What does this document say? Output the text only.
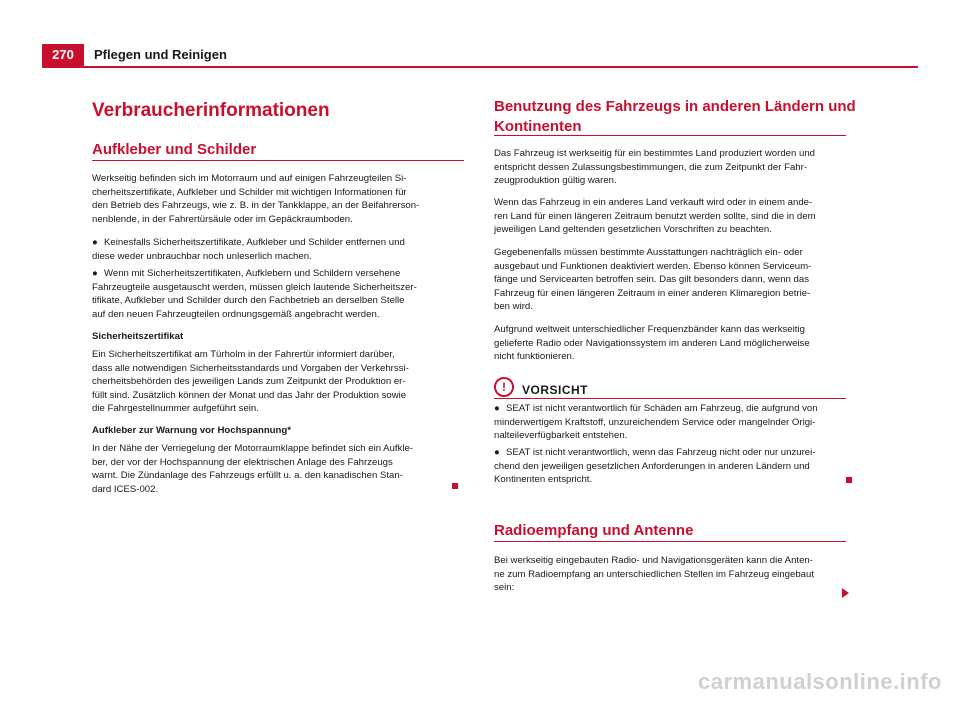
270	Pflegen und Reinigen
Verbraucherinformationen
Aufkleber und Schilder

Werkseitig befinden sich im Motorraum und auf einigen Fahrzeugteilen Si-
cherheitszertifikate, Aufkleber und Schilder mit wichtigen Informationen für
den Betrieb des Fahrzeugs, wie z. B. in der Tankklappe, an der Beifahrerson-
nenblende, in der Fahrertürsäule oder im Gepäckraumboden.

● Keinesfalls Sicherheitszertifikate, Aufkleber und Schilder entfernen und
diese weder unbrauchbar noch unleserlich machen.

● Wenn mit Sicherheitszertifikaten, Aufklebern und Schildern versehene
Fahrzeugteile ausgetauscht werden, müssen gleich lautende Sicherheitszer-
tifikate, Aufkleber und Schilder durch den Fachbetrieb an derselben Stelle
auf den neuen Fahrzeugteilen ordnungsgemäß angebracht werden.

Sicherheitszertifikat

Ein Sicherheitszertifikat am Türholm in der Fahrertür informiert darüber,
dass alle notwendigen Sicherheitsstandards und Vorgaben der Verkehrssi-
cherheitsbehörden des jeweiligen Lands zum Zeitpunkt der Produktion er-
füllt sind. Zusätzlich können der Monat und das Jahr der Produktion sowie
die Fahrgestellnummer aufgeführt sein.

Aufkleber zur Warnung vor Hochspannung*

In der Nähe der Verriegelung der Motorraumklappe befindet sich ein Aufkle-
ber, der vor der Hochspannung der elektrischen Anlage des Fahrzeugs
warnt. Die Zündanlage des Fahrzeugs erfüllt u. a. den kanadischen Stan-
dard ICES-002.

Benutzung des Fahrzeugs in anderen Ländern und
Kontinenten

Das Fahrzeug ist werkseitig für ein bestimmtes Land produziert worden und
entspricht dessen Zulassungsbestimmungen, die zum Zeitpunkt der Fahr-
zeugproduktion gültig waren.

Wenn das Fahrzeug in ein anderes Land verkauft wird oder in einem ande-
ren Land für einen längeren Zeitraum benutzt werden sollte, sind die in dem
jeweiligen Land geltenden gesetzlichen Vorschriften zu beachten.

Gegebenenfalls müssen bestimmte Ausstattungen nachträglich ein- oder
ausgebaut und Funktionen deaktiviert werden. Ebenso können Serviceum-
fänge und Servicearten betroffen sein. Das gilt besonders dann, wenn das
Fahrzeug für einen längeren Zeitraum in einer anderen Klimaregion betrie-
ben wird.

Aufgrund weltweit unterschiedlicher Frequenzbänder kann das werkseitig
gelieferte Radio oder Navigationssystem im anderen Land möglicherweise
nicht funktionieren.

!	VORSICHT

● SEAT ist nicht verantwortlich für Schäden am Fahrzeug, die aufgrund von
minderwertigem Kraftstoff, unzureichendem Service oder mangelnder Origi-
nalteileverfügbarkeit entstehen.

● SEAT ist nicht verantwortlich, wenn das Fahrzeug nicht oder nur unzurei-
chend den jeweiligen gesetzlichen Anforderungen in anderen Ländern und
Kontinenten entspricht.

Radioempfang und Antenne

Bei werkseitig eingebauten Radio- und Navigationsgeräten kann die Anten-
ne zum Radioempfang an unterschiedlichen Stellen im Fahrzeug eingebaut
sein:

carmanualsonline.info
